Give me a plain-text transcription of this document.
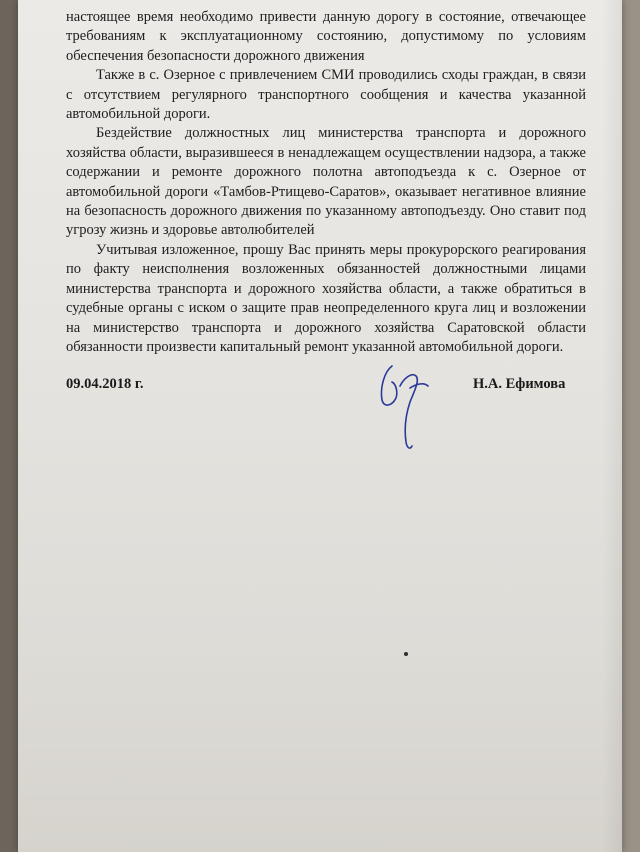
настоящее время необходимо привести данную дорогу в состояние, отвечающее требованиям к эксплуатационному состоянию, допустимому по условиям обеспечения безопасности дорожного движения

Также в с. Озерное с привлечением СМИ проводились сходы граждан, в связи с отсутствием регулярного транспортного сообщения и качества указанной автомобильной дороги.

Бездействие должностных лиц министерства транспорта и дорожного хозяйства области, выразившееся в ненадлежащем осуществлении надзора, а также содержании и ремонте дорожного полотна автоподъезда к с. Озерное от автомобильной дороги «Тамбов-Ртищево-Саратов», оказывает негативное влияние на безопасность дорожного движения по указанному автоподъезду. Оно ставит под угрозу жизнь и здоровье автолюбителей

Учитывая изложенное, прошу Вас принять меры прокурорского реагирования по факту неисполнения возложенных обязанностей должностными лицами министерства транспорта и дорожного хозяйства области, а также обратиться в судебные органы с иском о защите прав неопределенного круга лиц и возложении на министерство транспорта и дорожного хозяйства Саратовской области обязанности произвести капитальный ремонт указанной автомобильной дороги.

09.04.2018 г.	Н.А. Ефимова
